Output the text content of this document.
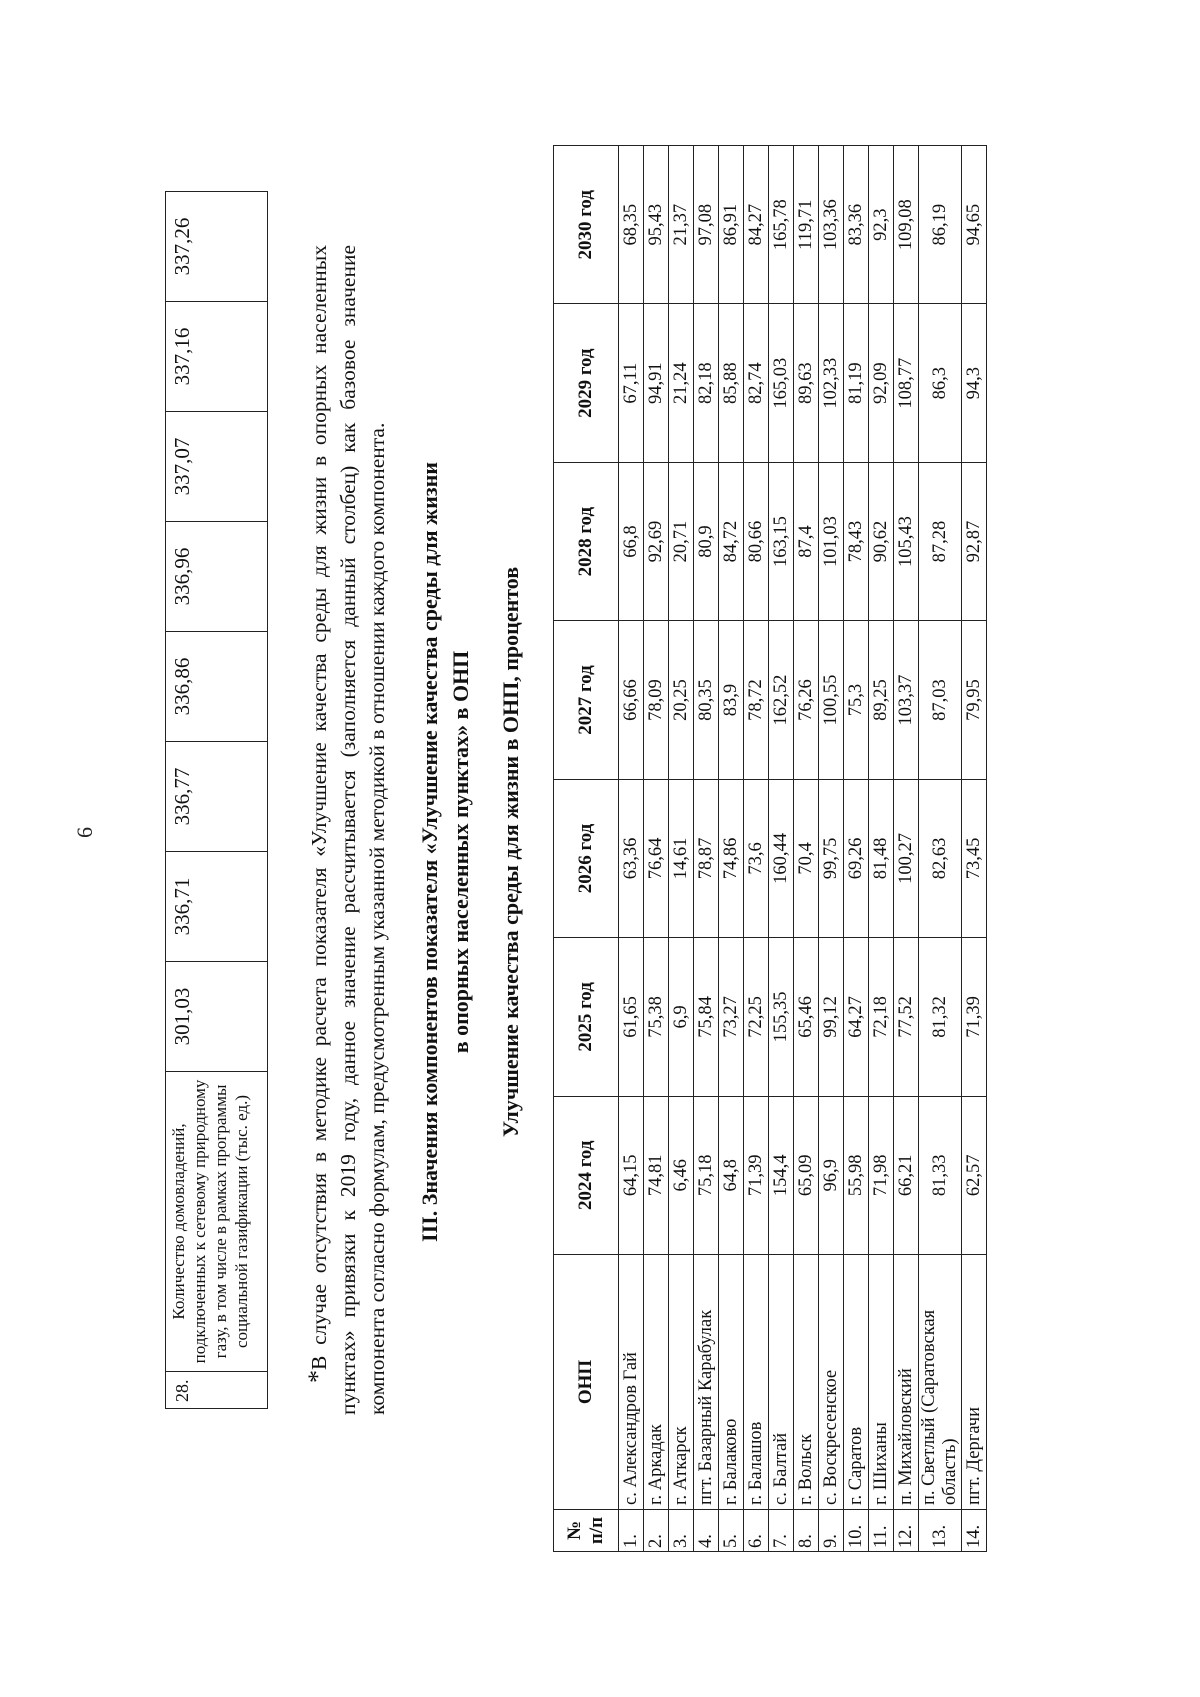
6
28.	Количество домовладений, подключенных к сетевому природному газу, в том числе в рамках программы социальной газификации (тыс. ед.)	301,03	336,71	336,77	336,86	336,96	337,07	337,16	337,26
*В случае отсутствия в методике расчета показателя «Улучшение качества среды для жизни в опорных населенных пунктах» привязки к 2019 году, данное значение рассчитывается (заполняется данный столбец) как базовое значение компонента согласно формулам, предусмотренным указанной методикой в отношении каждого компонента. III. Значения компонентов показателя «Улучшение качества среды для жизни в опорных населенных пунктах» в ОНП Улучшение качества среды для жизни в ОНП, процентов
№ п/п	ОНП	2024 год	2025 год	2026 год	2027 год	2028 год	2029 год	2030 год
1.	с. Александров Гай	64,15	61,65	63,36	66,66	66,8	67,11	68,35
2.	г. Аркадак	74,81	75,38	76,64	78,09	92,69	94,91	95,43
3.	г. Аткарск	6,46	6,9	14,61	20,25	20,71	21,24	21,37
4.	пгт. Базарный Карабулак	75,18	75,84	78,87	80,35	80,9	82,18	97,08
5.	г. Балаково	64,8	73,27	74,86	83,9	84,72	85,88	86,91
6.	г. Балашов	71,39	72,25	73,6	78,72	80,66	82,74	84,27
7.	с. Балтай	154,4	155,35	160,44	162,52	163,15	165,03	165,78
8.	г. Вольск	65,09	65,46	70,4	76,26	87,4	89,63	119,71
9.	с. Воскресенское	96,9	99,12	99,75	100,55	101,03	102,33	103,36
10.	г. Саратов	55,98	64,27	69,26	75,3	78,43	81,19	83,36
11.	г. Шиханы	71,98	72,18	81,48	89,25	90,62	92,09	92,3
12.	п. Михайловский	66,21	77,52	100,27	103,37	105,43	108,77	109,08
13.	п. Светлый (Саратовская область)	81,33	81,32	82,63	87,03	87,28	86,3	86,19
14.	пгт. Дергачи	62,57	71,39	73,45	79,95	92,87	94,3	94,65
